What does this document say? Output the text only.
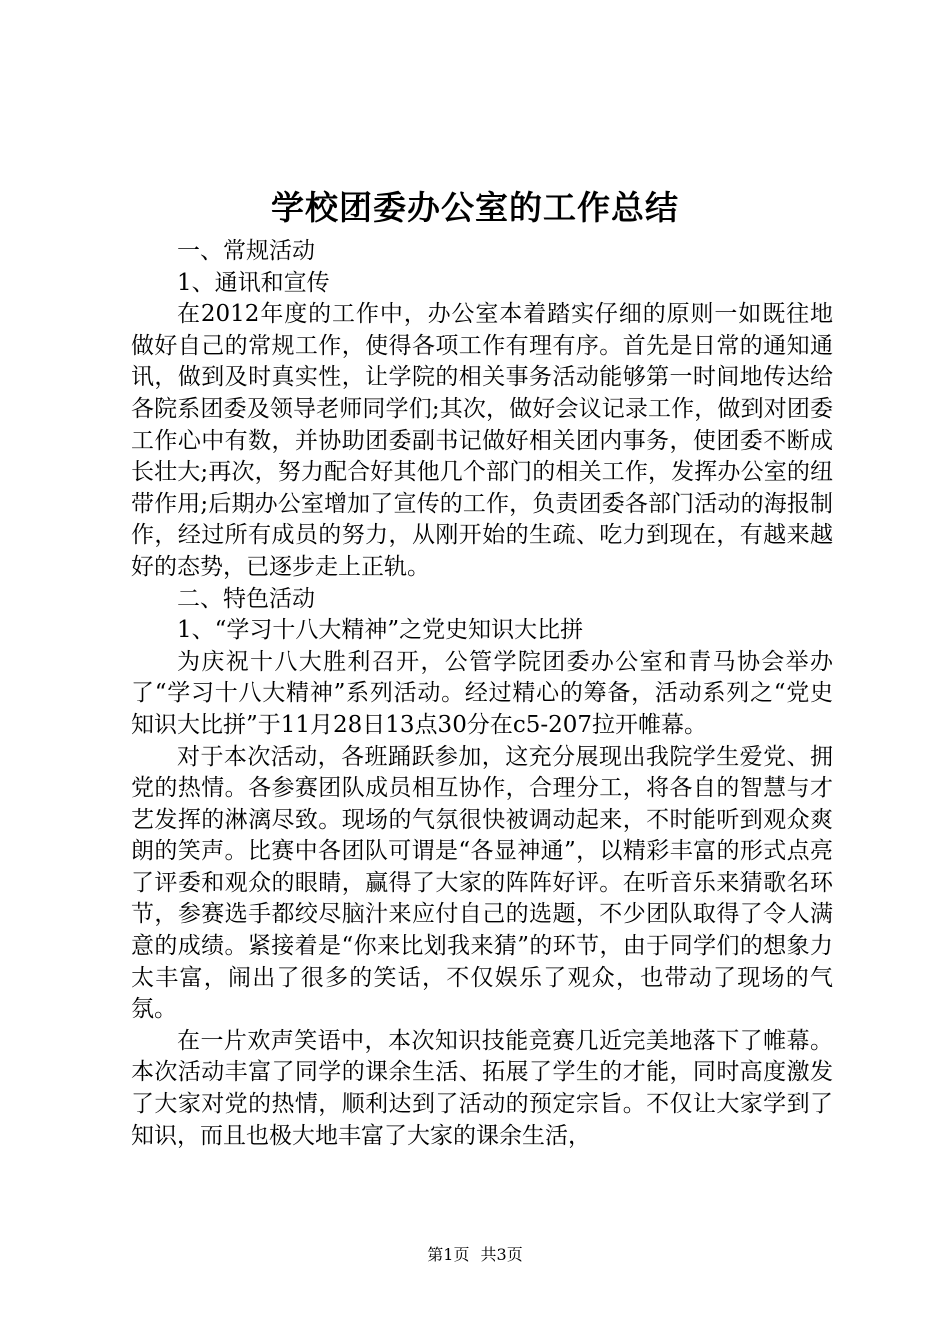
学校团委办公室的工作总结

一、常规活动

1、通讯和宣传

在2012年度的工作中，办公室本着踏实仔细的原则一如既往地做好自己的常规工作，使得各项工作有理有序。首先是日常的通知通讯，做到及时真实性，让学院的相关事务活动能够第一时间地传达给各院系团委及领导老师同学们;其次，做好会议记录工作，做到对团委工作心中有数，并协助团委副书记做好相关团内事务，使团委不断成长壮大;再次，努力配合好其他几个部门的相关工作，发挥办公室的纽带作用;后期办公室增加了宣传的工作，负责团委各部门活动的海报制作，经过所有成员的努力，从刚开始的生疏、吃力到现在，有越来越好的态势，已逐步走上正轨。

二、特色活动

1、“学习十八大精神”之党史知识大比拼

为庆祝十八大胜利召开，公管学院团委办公室和青马协会举办了“学习十八大精神”系列活动。经过精心的筹备，活动系列之“党史知识大比拼”于11月28日13点30分在c5-207拉开帷幕。

对于本次活动，各班踊跃参加，这充分展现出我院学生爱党、拥党的热情。各参赛团队成员相互协作，合理分工，将各自的智慧与才艺发挥的淋漓尽致。现场的气氛很快被调动起来，不时能听到观众爽朗的笑声。比赛中各团队可谓是“各显神通”，以精彩丰富的形式点亮了评委和观众的眼睛，赢得了大家的阵阵好评。在听音乐来猜歌名环节，参赛选手都绞尽脑汁来应付自己的选题，不少团队取得了令人满意的成绩。紧接着是“你来比划我来猜”的环节，由于同学们的想象力太丰富，闹出了很多的笑话，不仅娱乐了观众，也带动了现场的气氛。

在一片欢声笑语中，本次知识技能竞赛几近完美地落下了帷幕。本次活动丰富了同学的课余生活、拓展了学生的才能，同时高度激发了大家对党的热情，顺利达到了活动的预定宗旨。不仅让大家学到了知识，而且也极大地丰富了大家的课余生活，

第1页 共3页
